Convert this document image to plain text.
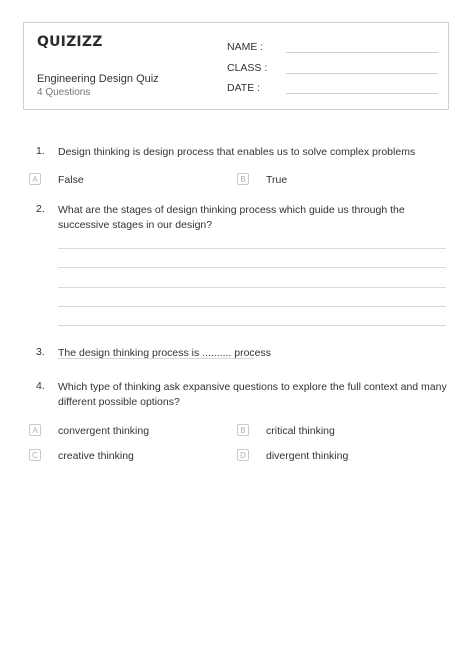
QUIZIZZ
Engineering Design Quiz
4 Questions
NAME :
CLASS :
DATE :
1. Design thinking is design process that enables us to solve complex problems
A	False	B	True
2. What are the stages of design thinking process which guide us through the successive stages in our design?
3. The design thinking process is .......... process
4. Which type of thinking ask expansive questions to explore the full context and many different possible options?
A	convergent thinking	B	critical thinking
C creative thinking	D divergent thinking
